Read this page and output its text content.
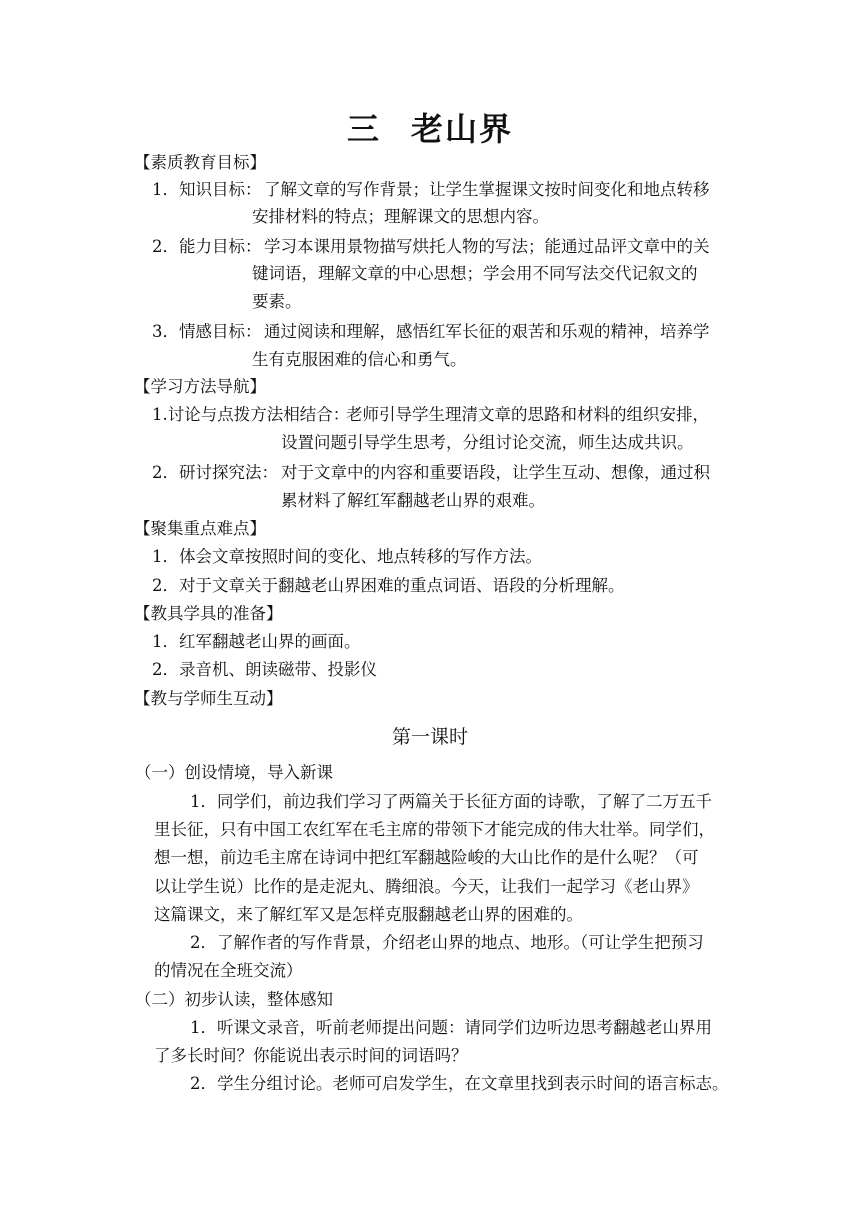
三 老山界
【素质教育目标】
1．知识目标： 了解文章的写作背景；让学生掌握课文按时间变化和地点转移
安排材料的特点；理解课文的思想内容。
2．能力目标： 学习本课用景物描写烘托人物的写法；能通过品评文章中的关
键词语，理解文章的中心思想；学会用不同写法交代记叙文的
要素。
3．情感目标： 通过阅读和理解，感悟红军长征的艰苦和乐观的精神，培养学
生有克服困难的信心和勇气。
【学习方法导航】
1.讨论与点拨方法相结合：
老师引导学生理清文章的思路和材料的组织安排，
设置问题引导学生思考，分组讨论交流，师生达成共识。
2．研讨探究法： 对于文章中的内容和重要语段，让学生互动、想像，通过积
累材料了解红军翻越老山界的艰难。
【聚集重点难点】
1．体会文章按照时间的变化、地点转移的写作方法。
2．对于文章关于翻越老山界困难的重点词语、语段的分析理解。
【教具学具的准备】
1．红军翻越老山界的画面。
2．录音机、朗读磁带、投影仪
【教与学师生互动】
第一课时
（一）创设情境，导入新课
1．同学们，前边我们学习了两篇关于长征方面的诗歌，了解了二万五千
里长征，只有中国工农红军在毛主席的带领下才能完成的伟大壮举。同学们，
想一想，前边毛主席在诗词中把红军翻越险峻的大山比作的是什么呢？（可
以让学生说）比作的是走泥丸、腾细浪。今天，让我们一起学习《老山界》
这篇课文，来了解红军又是怎样克服翻越老山界的困难的。
2．了解作者的写作背景，介绍老山界的地点、地形。（可让学生把预习
的情况在全班交流）
（二）初步认读，整体感知
1．听课文录音，听前老师提出问题：请同学们边听边思考翻越老山界用
了多长时间？你能说出表示时间的词语吗？
2．学生分组讨论。老师可启发学生，在文章里找到表示时间的语言标志。
